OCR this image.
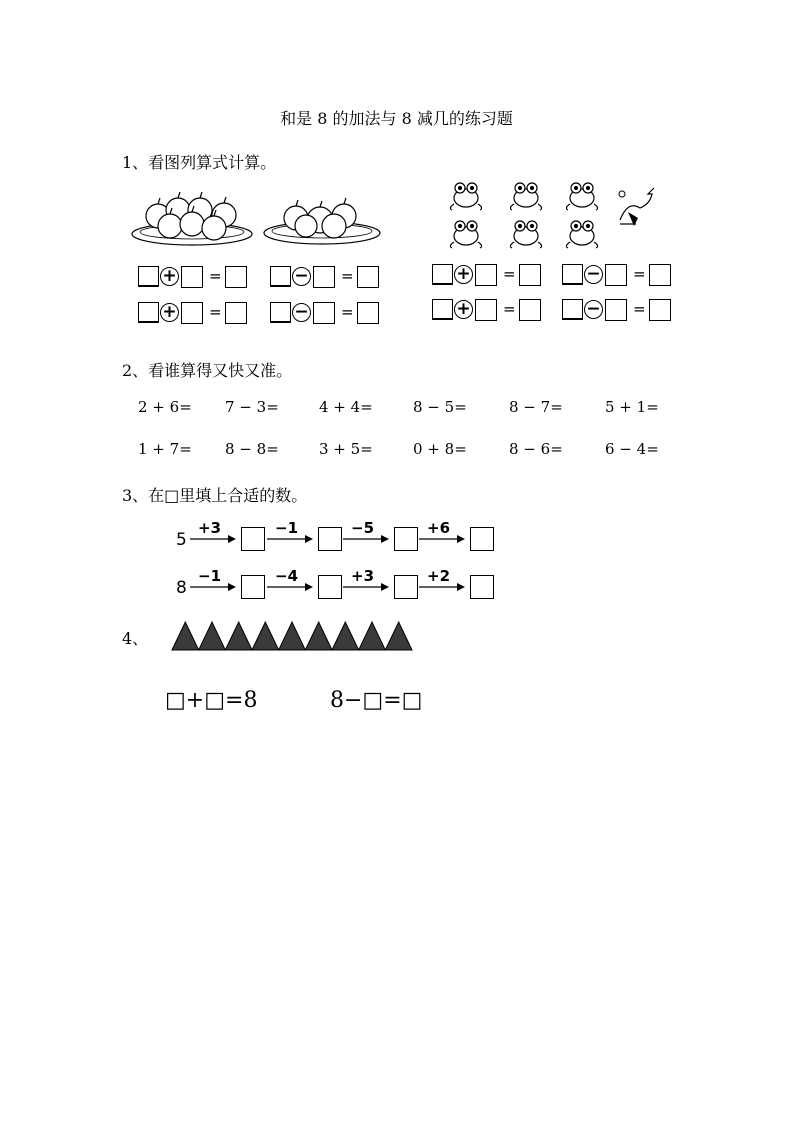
和是 8 的加法与 8 减几的练习题
1、看图列算式计算。
+ =	− =
+ =	− =
+ =	− =
+ =	− =
2、看谁算得又快又准。
2 + 6= 7 − 3=	4 + 4=	8 − 5=	8 − 7=	5 + 1=
1 + 7= 8 − 8=	3 + 5=	0 + 8=	8 − 6=	6 − 4=
3、在□里填上合适的数。
5
+3	−1	−5	+6
8
−1	−4	+3	+2
4、
□+□=8	8−□=□
